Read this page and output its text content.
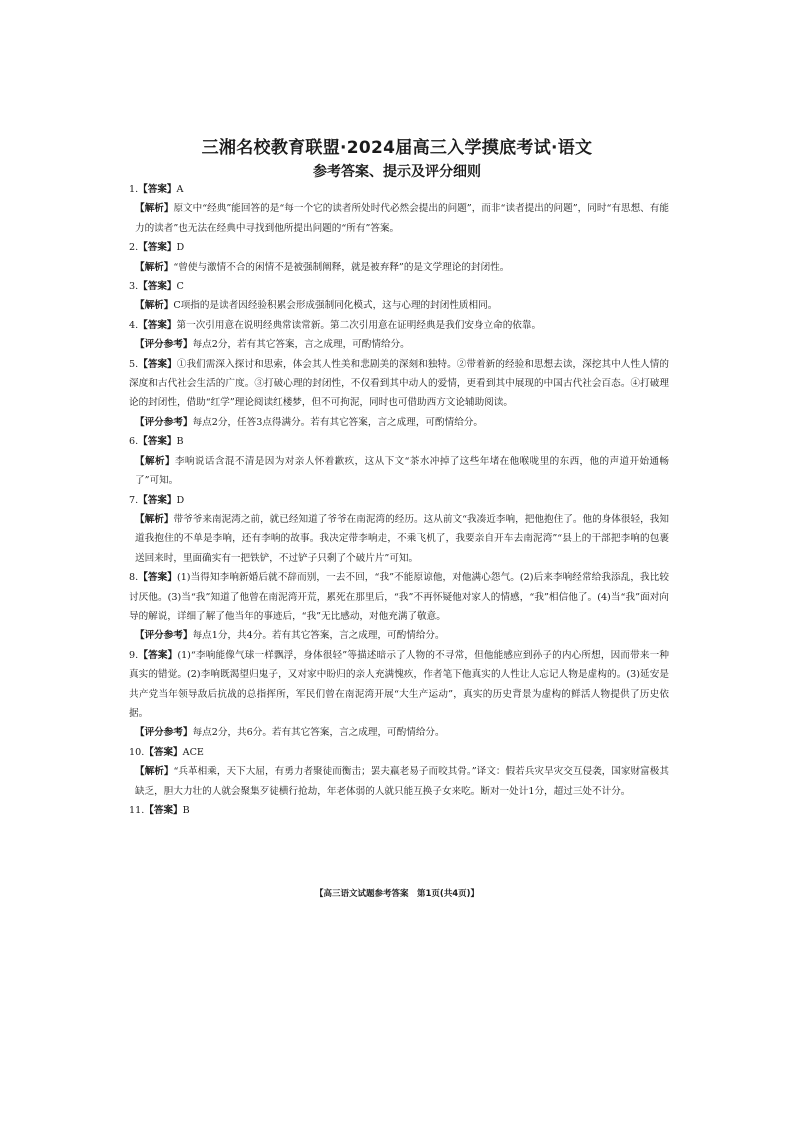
三湘名校教育联盟·2024届高三入学摸底考试·语文
参考答案、提示及评分细则

1.【答案】A

【解析】原文中“经典”能回答的是“每一个它的读者所处时代必然会提出的问题”，而非“读者提出的问题”，同时“有思想、有能力的读者”也无法在经典中寻找到他所提出问题的“所有”答案。

2.【答案】D

【解析】“曾使与激情不合的闲情不是被强制阐释，就是被弃释”的是文学理论的封闭性。

3.【答案】C

【解析】C项指的是读者因经验积累会形成强制同化模式，这与心理的封闭性质相同。

4.【答案】第一次引用意在说明经典常读常新。第二次引用意在证明经典是我们安身立命的依靠。

【评分参考】每点2分，若有其它答案，言之成理，可酌情给分。

5.【答案】①我们需深入探讨和思索，体会其人性美和悲剧美的深刻和独特。②带着新的经验和思想去读，深挖其中人性人情的深度和古代社会生活的广度。③打破心理的封闭性，不仅看到其中动人的爱情，更看到其中展现的中国古代社会百态。④打破理论的封闭性，借助“红学”理论阅读红楼梦，但不可拘泥，同时也可借助西方文论辅助阅读。

【评分参考】每点2分，任答3点得满分。若有其它答案，言之成理，可酌情给分。

6.【答案】B

【解析】李响说话含混不清是因为对亲人怀着歉疚，这从下文“茶水冲掉了这些年堵在他喉咙里的东西，他的声道开始通畅了”可知。

7.【答案】D

【解析】带爷爷来南泥湾之前，就已经知道了爷爷在南泥湾的经历。这从前文“我凑近李响，把他抱住了。他的身体很轻，我知道我抱住的不单是李响，还有李响的故事。我决定带李响走，不乘飞机了，我要亲自开车去南泥湾”“县上的干部把李响的包裹送回来时，里面确实有一把铁铲，不过铲子只剩了个破片片”可知。

8.【答案】(1)当得知李响新婚后就不辞而别，一去不回，“我”不能原谅他，对他满心怨气。(2)后来李响经常给我添乱，我比较讨厌他。(3)当“我”知道了他曾在南泥湾开荒，累死在那里后，“我”不再怀疑他对家人的情感，“我”相信他了。(4)当“我”面对向导的解说，详细了解了他当年的事迹后，“我”无比感动，对他充满了敬意。

【评分参考】每点1分，共4分。若有其它答案，言之成理，可酌情给分。

9.【答案】(1)“李响能像气球一样飘浮，身体很轻”等描述暗示了人物的不寻常，但他能感应到孙子的内心所想，因而带来一种真实的错觉。(2)李响既渴望归鬼子，又对家中盼归的亲人充满愧疚，作者笔下他真实的人性让人忘记人物是虚构的。(3)延安是共产党当年领导敌后抗战的总指挥所，军民们曾在南泥湾开展“大生产运动”，真实的历史背景为虚构的鲜活人物提供了历史依据。

【评分参考】每点2分，共6分。若有其它答案，言之成理，可酌情给分。

10.【答案】ACE

【解析】“兵革相乘，天下大屈，有勇力者聚徒而衡击；罢夫羸老易子而咬其骨。”译文：假若兵灾旱灾交互侵袭，国家财富极其缺乏，胆大力壮的人就会聚集歹徒横行抢劫，年老体弱的人就只能互换子女来吃。断对一处计1分，超过三处不计分。

11.【答案】B

【高三语文试题参考答案　第1页(共4页)】
